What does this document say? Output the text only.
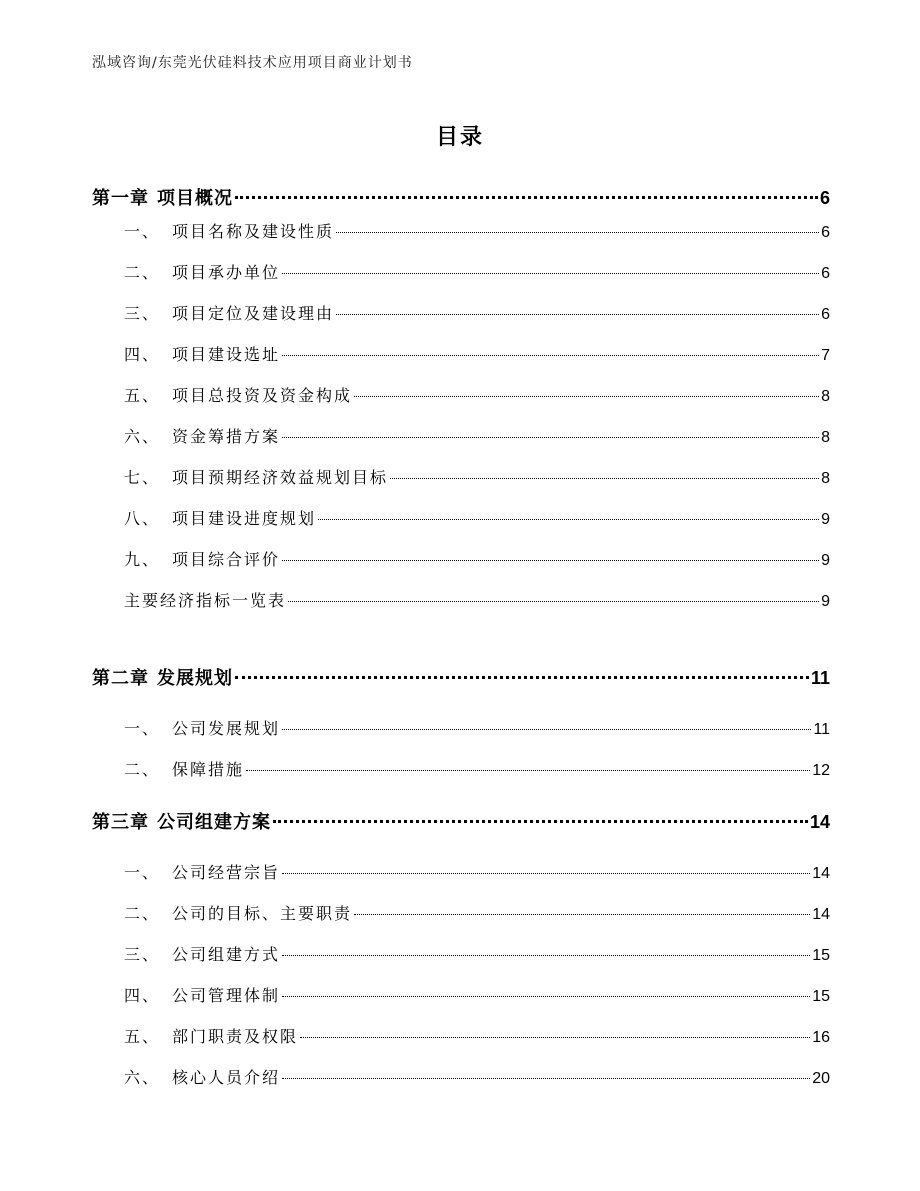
泓域咨询/东莞光伏硅料技术应用项目商业计划书
目录
第一章 项目概况	6
一、 项目名称及建设性质	6
二、 项目承办单位	6
三、 项目定位及建设理由	6
四、 项目建设选址	7
五、 项目总投资及资金构成	8
六、 资金筹措方案	8
七、 项目预期经济效益规划目标	8
八、 项目建设进度规划	9
九、 项目综合评价	9
主要经济指标一览表	9
第二章 发展规划	11
一、 公司发展规划	11
二、 保障措施	12
第三章 公司组建方案	14
一、 公司经营宗旨	14
二、 公司的目标、主要职责	14
三、 公司组建方式	15
四、 公司管理体制	15
五、 部门职责及权限	16
六、 核心人员介绍	20
